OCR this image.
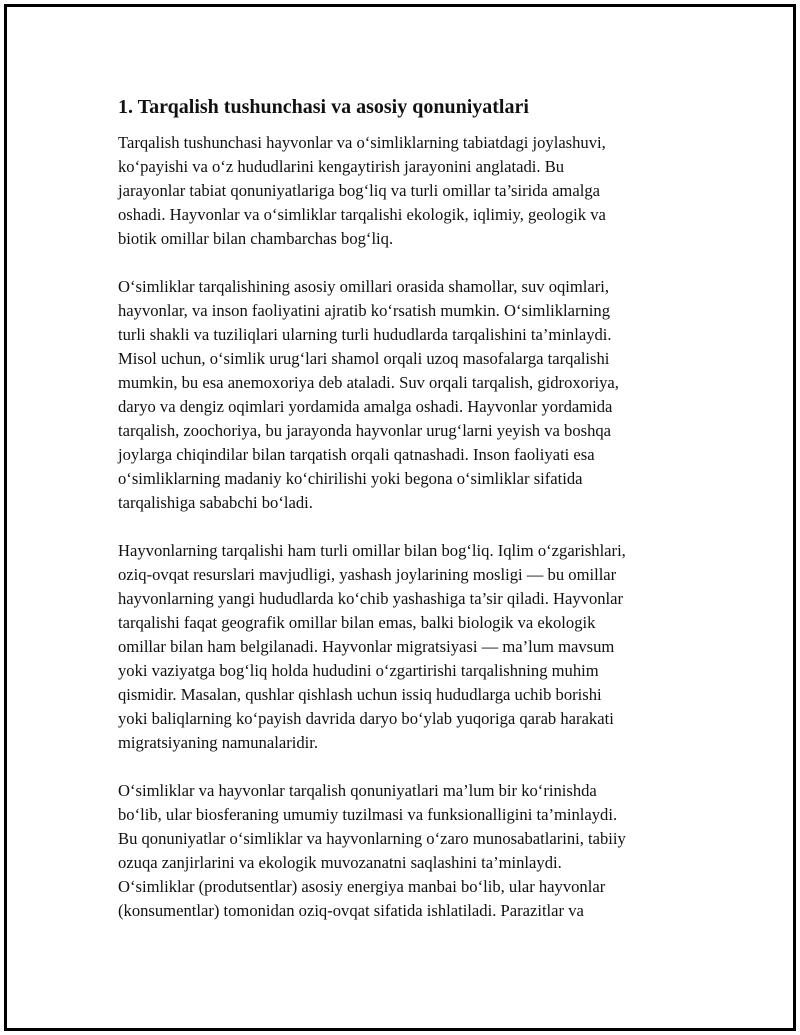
1. Tarqalish tushunchasi va asosiy qonuniyatlari

Tarqalish tushunchasi hayvonlar va o‘simliklarning tabiatdagi joylashuvi,
ko‘payishi va o‘z hududlarini kengaytirish jarayonini anglatadi. Bu
jarayonlar tabiat qonuniyatlariga bog‘liq va turli omillar ta’sirida amalga
oshadi. Hayvonlar va o‘simliklar tarqalishi ekologik, iqlimiy, geologik va
biotik omillar bilan chambarchas bog‘liq.

O‘simliklar tarqalishining asosiy omillari orasida shamollar, suv oqimlari,
hayvonlar, va inson faoliyatini ajratib ko‘rsatish mumkin. O‘simliklarning
turli shakli va tuziliqlari ularning turli hududlarda tarqalishini ta’minlaydi.
Misol uchun, o‘simlik urug‘lari shamol orqali uzoq masofalarga tarqalishi
mumkin, bu esa anemoxoriya deb ataladi. Suv orqali tarqalish, gidroxoriya,
daryo va dengiz oqimlari yordamida amalga oshadi. Hayvonlar yordamida
tarqalish, zoochoriya, bu jarayonda hayvonlar urug‘larni yeyish va boshqa
joylarga chiqindilar bilan tarqatish orqali qatnashadi. Inson faoliyati esa
o‘simliklarning madaniy ko‘chirilishi yoki begona o‘simliklar sifatida
tarqalishiga sababchi bo‘ladi.

Hayvonlarning tarqalishi ham turli omillar bilan bog‘liq. Iqlim o‘zgarishlari,
oziq-ovqat resurslari mavjudligi, yashash joylarining mosligi — bu omillar
hayvonlarning yangi hududlarda ko‘chib yashashiga ta’sir qiladi. Hayvonlar
tarqalishi faqat geografik omillar bilan emas, balki biologik va ekologik
omillar bilan ham belgilanadi. Hayvonlar migratsiyasi — ma’lum mavsum
yoki vaziyatga bog‘liq holda hududini o‘zgartirishi tarqalishning muhim
qismidir. Masalan, qushlar qishlash uchun issiq hududlarga uchib borishi
yoki baliqlarning ko‘payish davrida daryo bo‘ylab yuqoriga qarab harakati
migratsiyaning namunalaridir.

O‘simliklar va hayvonlar tarqalish qonuniyatlari ma’lum bir ko‘rinishda
bo‘lib, ular biosferaning umumiy tuzilmasi va funksionalligini ta’minlaydi.
Bu qonuniyatlar o‘simliklar va hayvonlarning o‘zaro munosabatlarini, tabiiy
ozuqa zanjirlarini va ekologik muvozanatni saqlashini ta’minlaydi.
O‘simliklar (produtsentlar) asosiy energiya manbai bo‘lib, ular hayvonlar
(konsumentlar) tomonidan oziq-ovqat sifatida ishlatiladi. Parazitlar va
